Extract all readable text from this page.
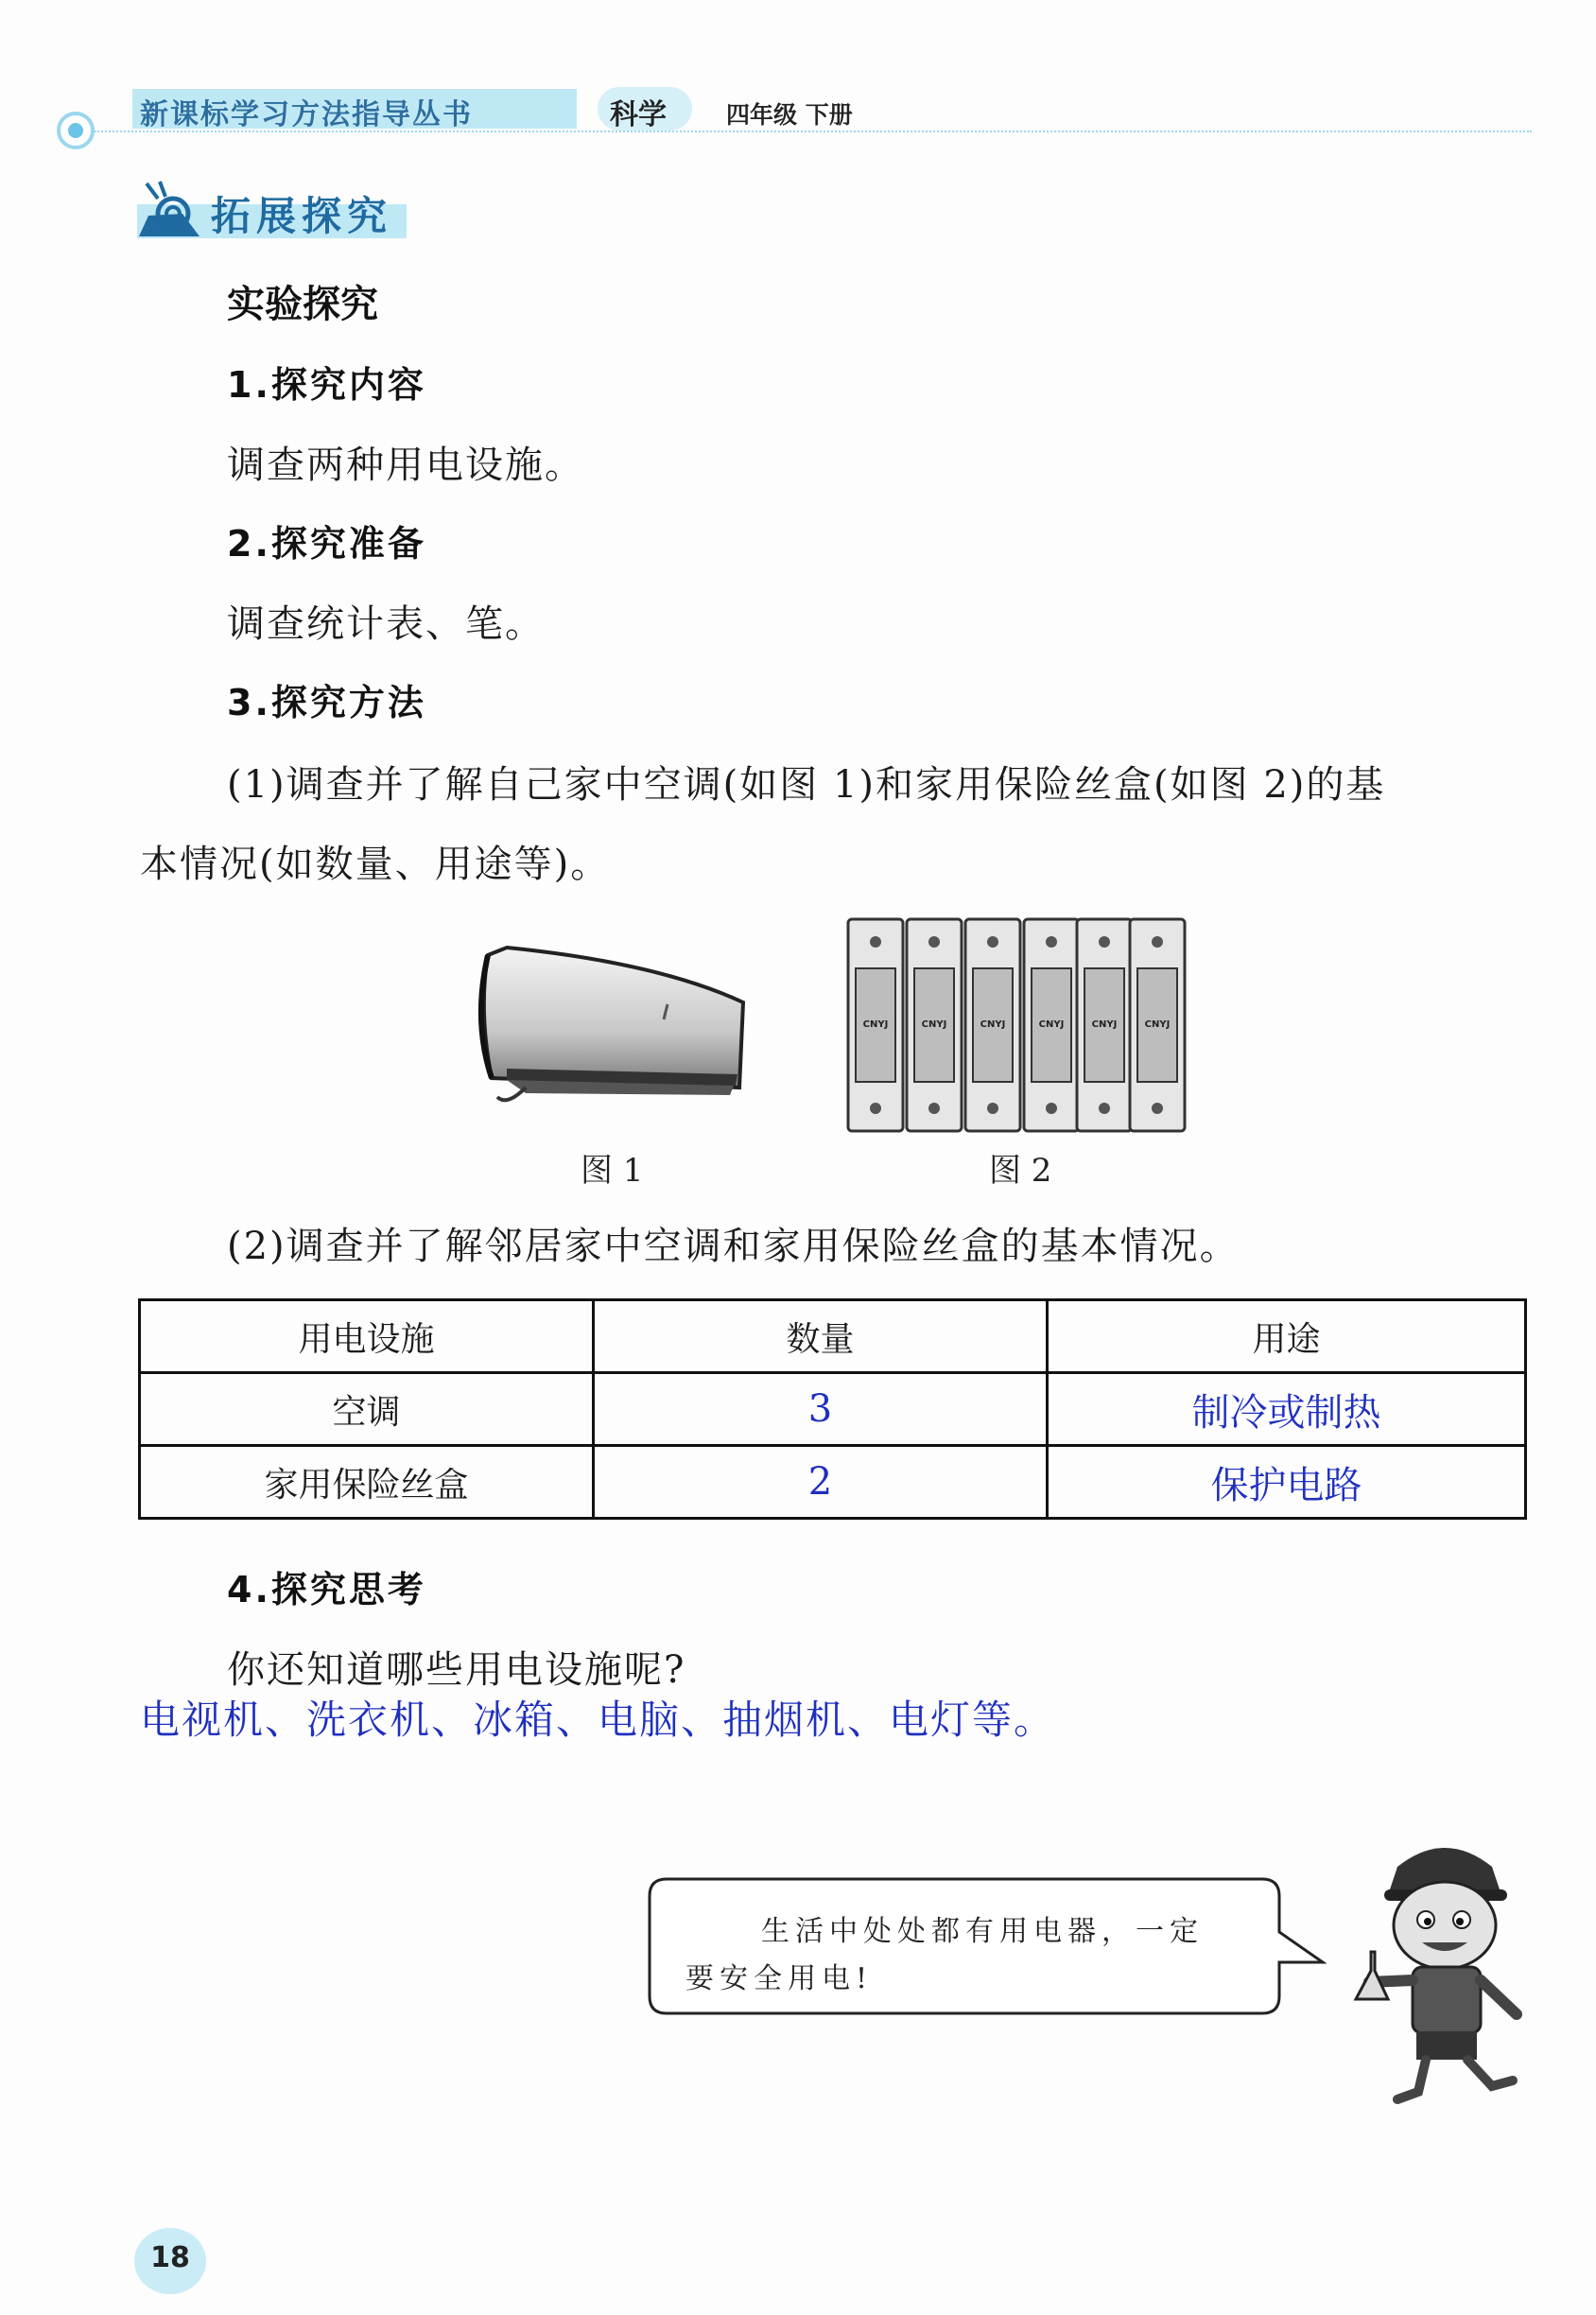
新课标学习方法指导丛书	科学	四年级 下册
拓展探究
实验探究
1.探究内容
调查两种用电设施。
2.探究准备
调查统计表、笔。
3.探究方法
(1)调查并了解自己家中空调(如图 1)和家用保险丝盒(如图 2)的基
本情况(如数量、用途等)。
图 1
CNYJ	CNYJ	CNYJ	CNYJ	CNYJ	CNYJ
图 2
(2)调查并了解邻居家中空调和家用保险丝盒的基本情况。
用电设施	数量	用途
空调	3	制冷或制热
家用保险丝盒	2	保护电路
4.探究思考
你还知道哪些用电设施呢?
电视机、洗衣机、冰箱、电脑、抽烟机、电灯等。
生活中处处都有用电器，一定
要安全用电!
18
